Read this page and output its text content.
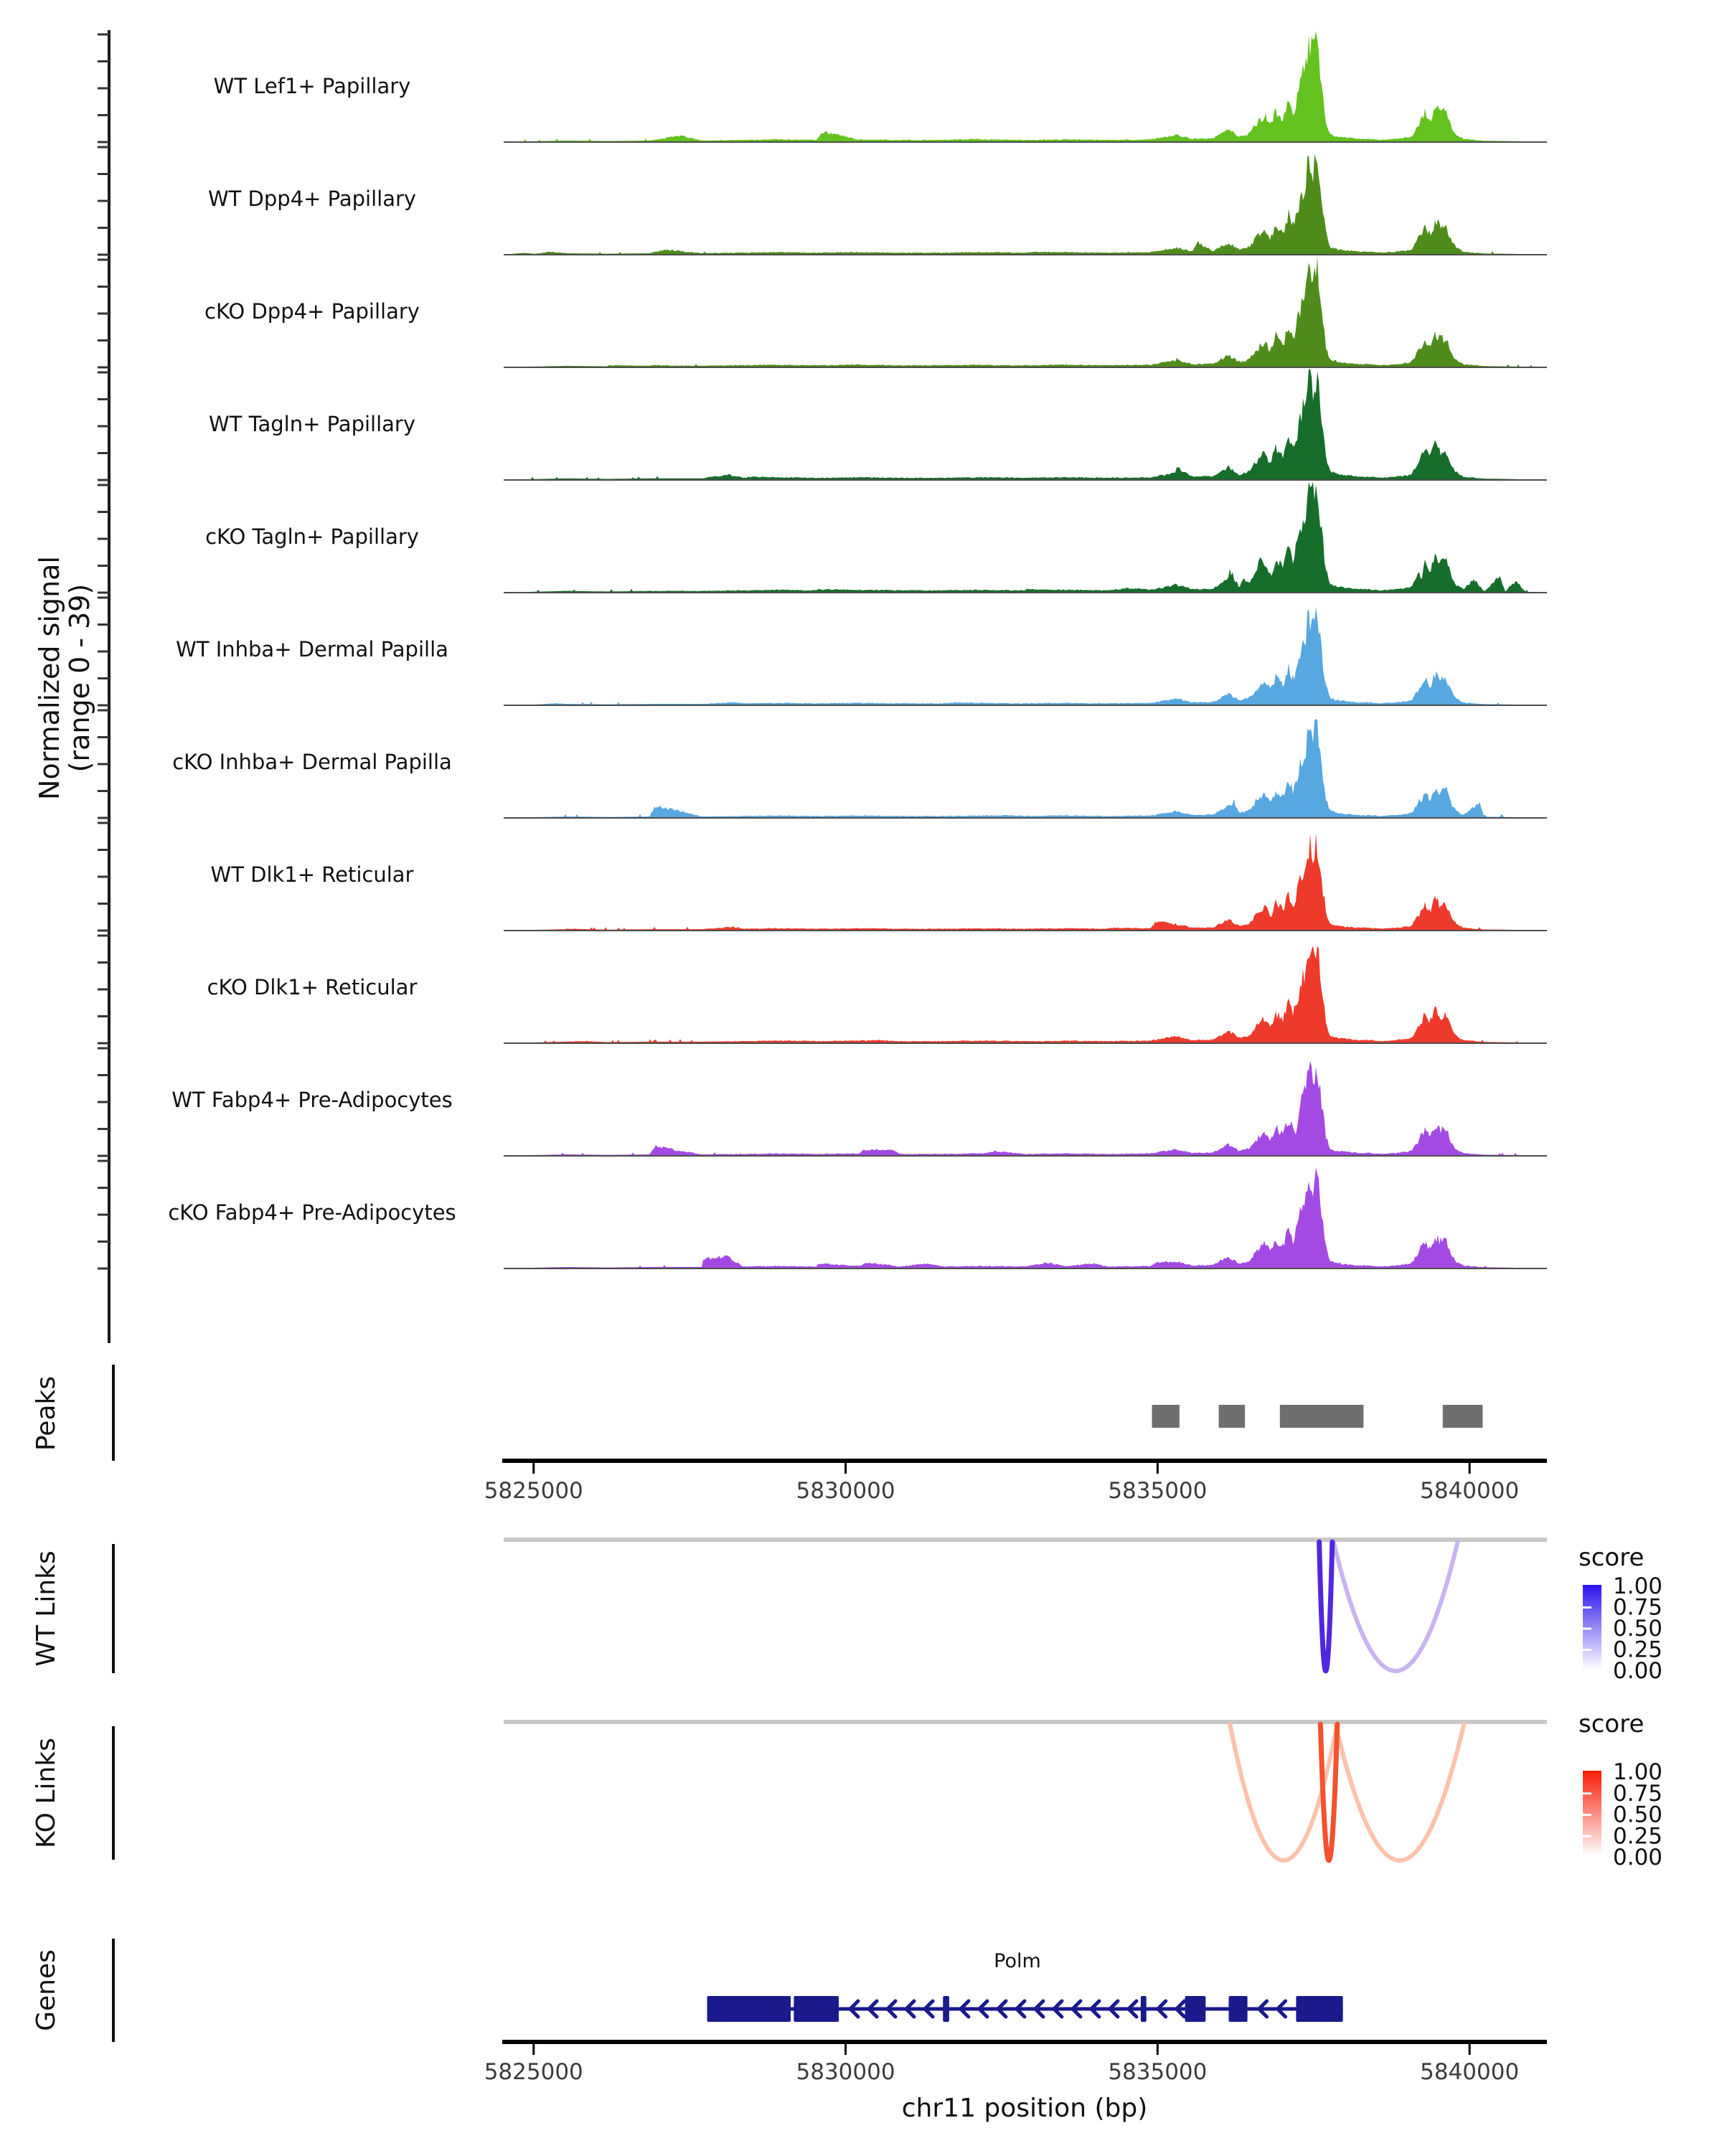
Normalized signal
(range 0 - 39)
WT Lef1+ Papillary
WT Dpp4+ Papillary
cKO Dpp4+ Papillary
WT Tagln+ Papillary
cKO Tagln+ Papillary
WT Inhba+ Dermal Papilla
cKO Inhba+ Dermal Papilla
WT Dlk1+ Reticular
cKO Dlk1+ Reticular
WT Fabp4+ Pre-Adipocytes
cKO Fabp4+ Pre-Adipocytes
Peaks
5825000	5830000	5835000	5840000
WT Links	score
1.00
0.75
0.50
0.25
0.00
KO Links
score
1.00
0.75
0.50
0.25
0.00
Genes	Polm
5825000	5830000	5835000	5840000
chr11 position (bp)
